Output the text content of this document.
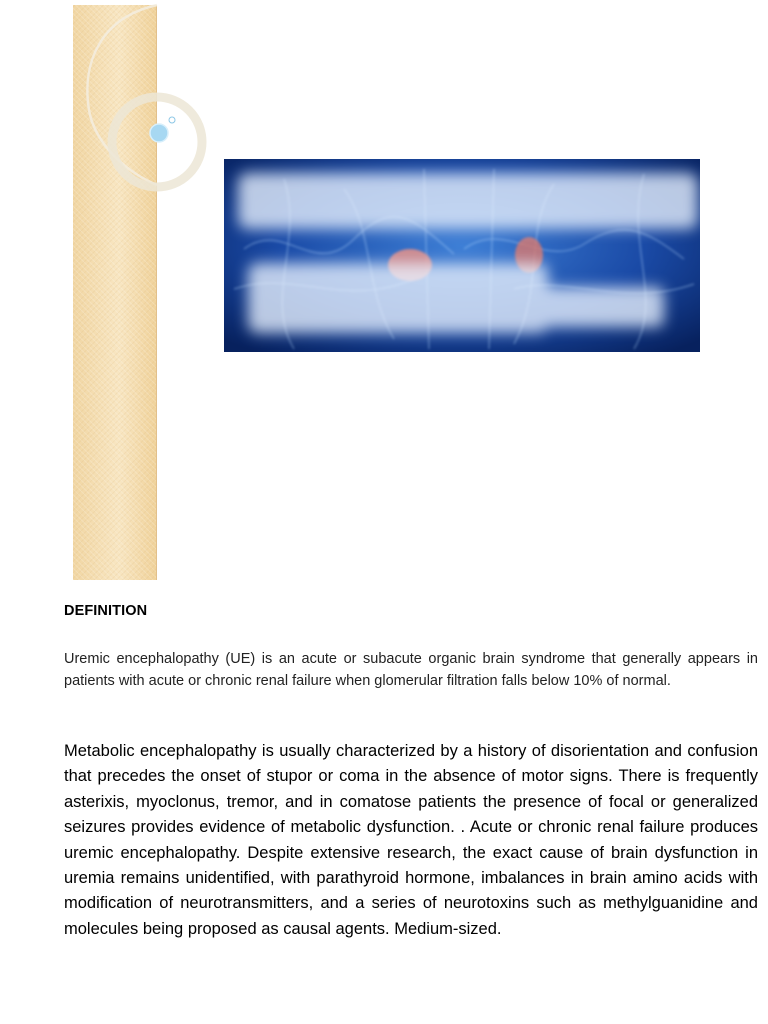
DEFINITION

Uremic encephalopathy (UE) is an acute or subacute organic brain syndrome that generally appears in patients with acute or chronic renal failure when glomerular filtration falls below 10% of normal.

Metabolic encephalopathy is usually characterized by a history of disorientation and confusion that precedes the onset of stupor or coma in the absence of motor signs. There is frequently asterixis, myoclonus, tremor, and in comatose patients the presence of focal or generalized seizures provides evidence of metabolic dysfunction. . Acute or chronic renal failure produces uremic encephalopathy. Despite extensive research, the exact cause of brain dysfunction in uremia remains unidentified, with parathyroid hormone, imbalances in brain amino acids with modification of neurotransmitters, and a series of neurotoxins such as methylguanidine and molecules being proposed as causal agents. Medium-sized.
